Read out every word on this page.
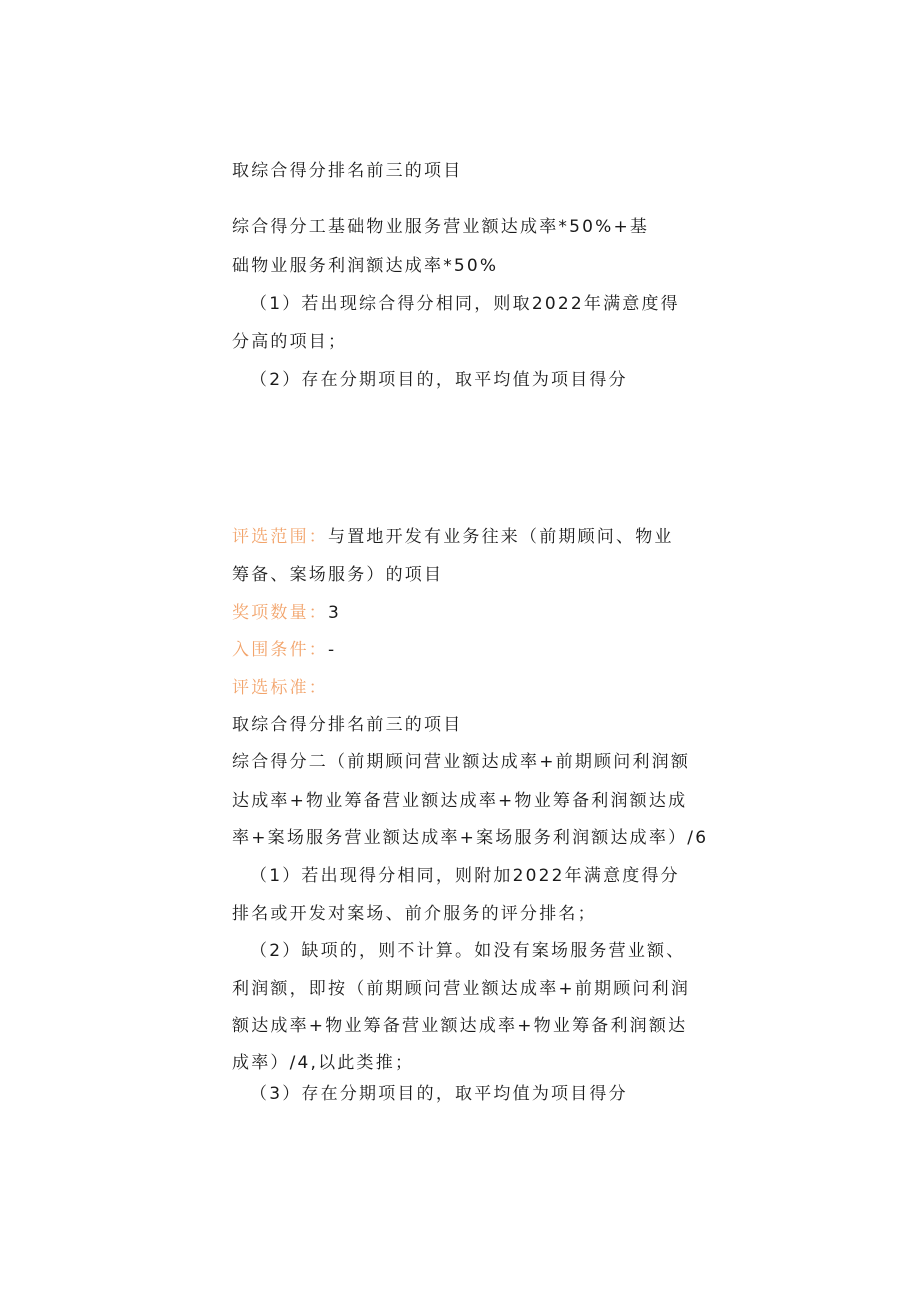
取综合得分排名前三的项目
综合得分工基础物业服务营业额达成率*50%+基
础物业服务利润额达成率*50%
（1）若出现综合得分相同，则取2022年满意度得
分高的项目；
（2）存在分期项目的，取平均值为项目得分
评选范围：与置地开发有业务往来（前期顾问、物业
筹备、案场服务）的项目
奖项数量：3
入围条件：-
评选标准：
取综合得分排名前三的项目
综合得分二（前期顾问营业额达成率+前期顾问利润额
达成率+物业筹备营业额达成率+物业筹备利润额达成
率+案场服务营业额达成率+案场服务利润额达成率）/6
（1）若出现得分相同，则附加2022年满意度得分
排名或开发对案场、前介服务的评分排名；
（2）缺项的，则不计算。如没有案场服务营业额、
利润额，即按（前期顾问营业额达成率+前期顾问利润
额达成率+物业筹备营业额达成率+物业筹备利润额达
成率）/4,以此类推；
（3）存在分期项目的，取平均值为项目得分
